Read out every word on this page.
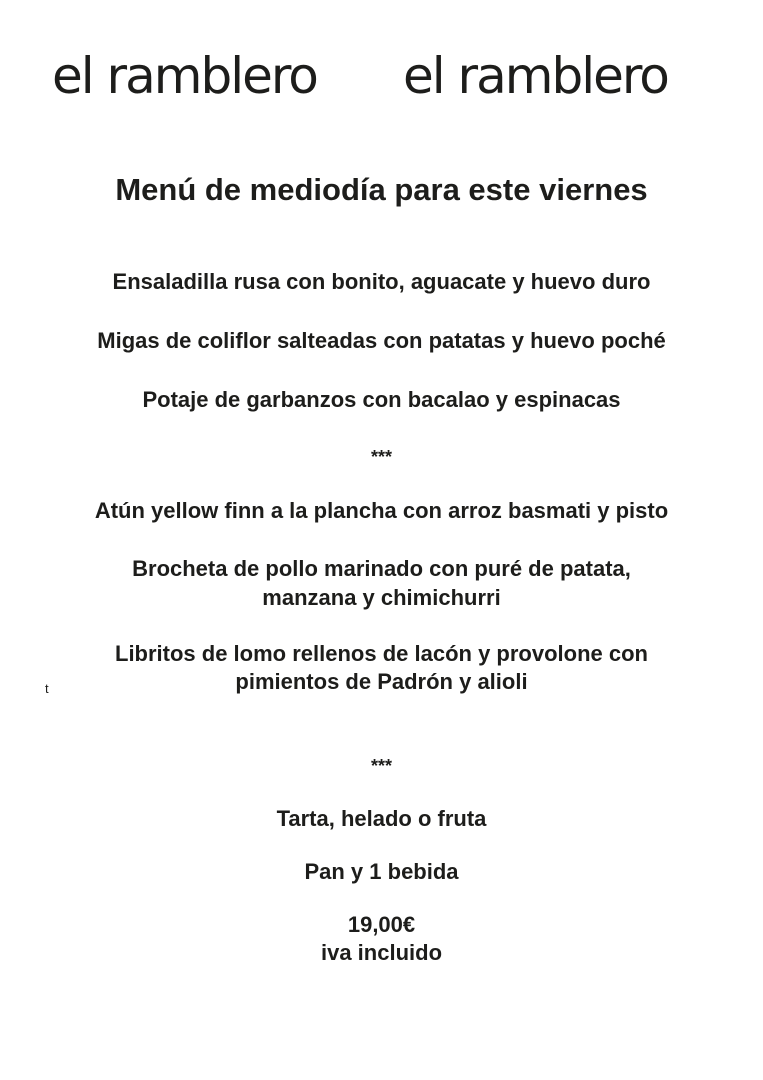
el ramblero el ramblero
Menú de mediodía para este viernes
Ensaladilla rusa con bonito, aguacate y huevo duro
Migas de coliflor salteadas con patatas y huevo poché
Potaje de garbanzos con bacalao y espinacas
***
Atún yellow finn a la plancha con arroz basmati y pisto
Brocheta de pollo marinado con puré de patata,
manzana y chimichurri
Libritos de lomo rellenos de lacón y provolone con
pimientos de Padrón y alioli
t
***
Tarta, helado o fruta
Pan y 1 bebida
19,00€
iva incluido
